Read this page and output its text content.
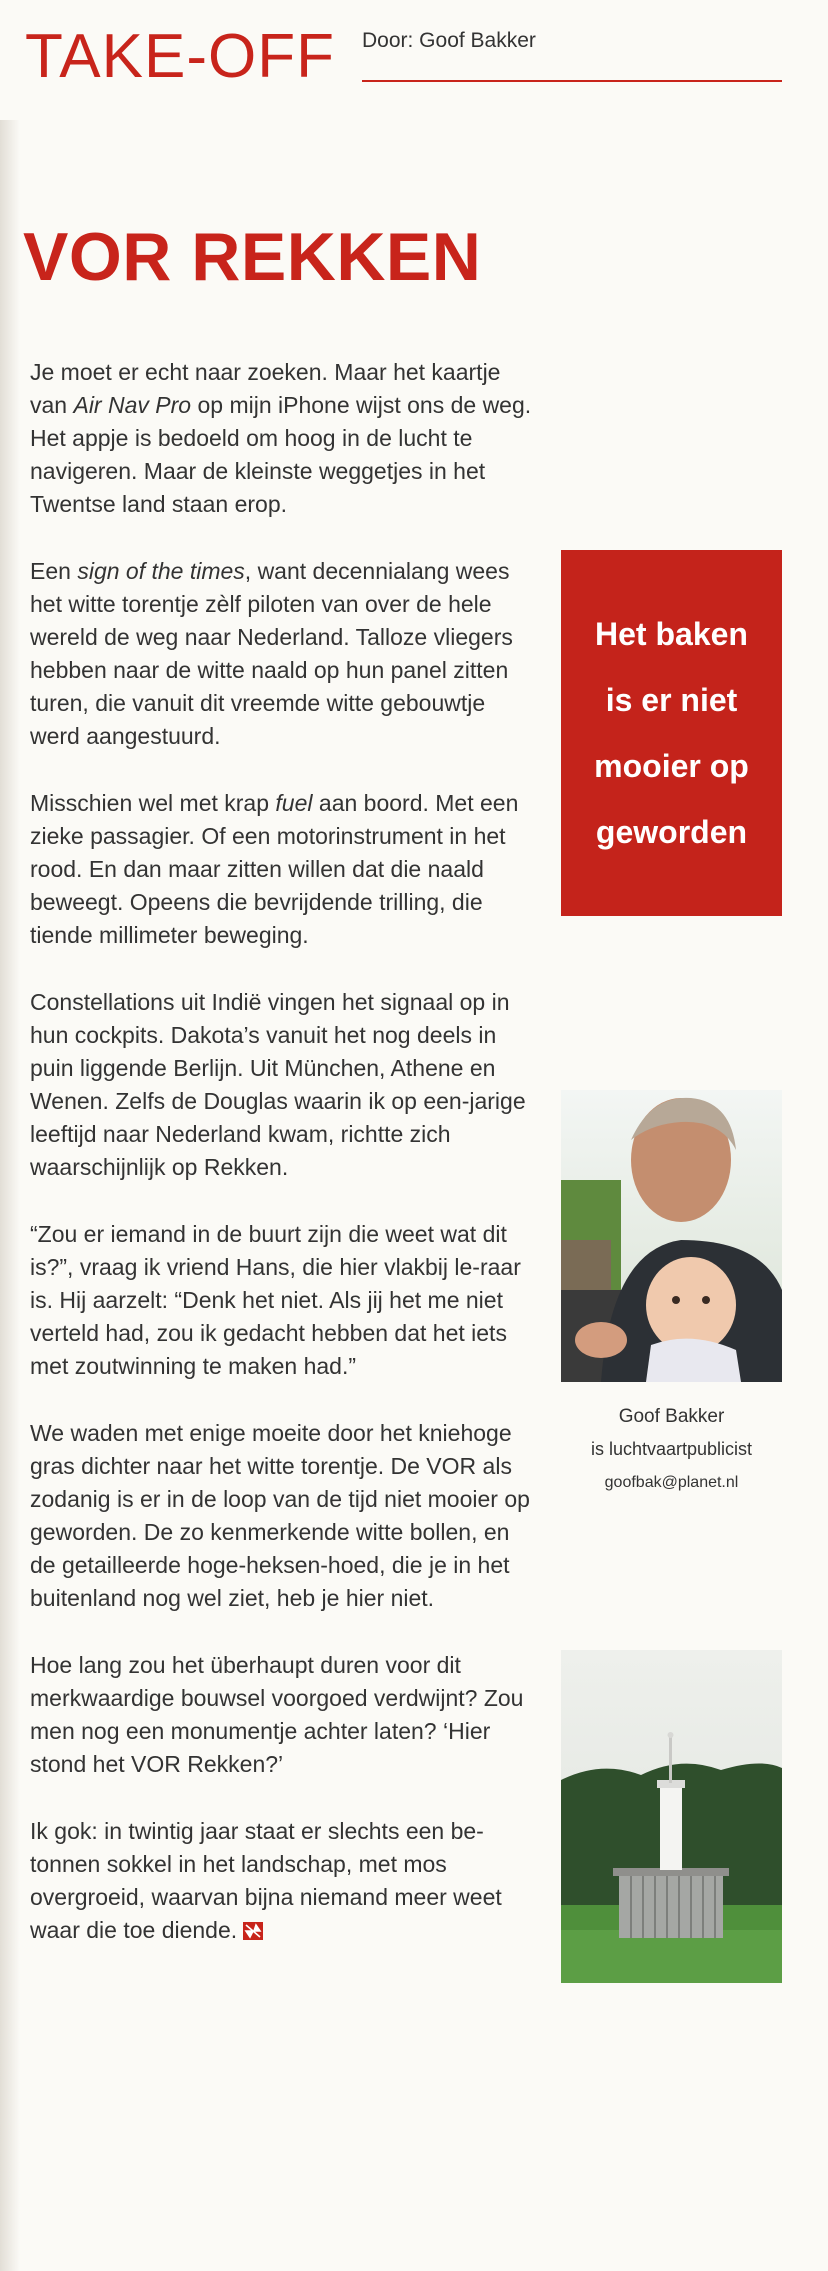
TAKE-OFF Door: Goof Bakker
VOR REKKEN

Je moet er echt naar zoeken. Maar het kaartje van Air Nav Pro op mijn iPhone wijst ons de weg. Het appje is bedoeld om hoog in de lucht te navigeren. Maar de kleinste weggetjes in het Twentse land staan erop.

Een sign of the times, want decennialang wees het witte torentje zèlf piloten van over de hele wereld de weg naar Nederland. Talloze vliegers hebben naar de witte naald op hun panel zitten turen, die vanuit dit vreemde witte gebouwtje werd aangestuurd.

Misschien wel met krap fuel aan boord. Met een zieke passagier. Of een motorinstrument in het rood. En dan maar zitten willen dat die naald beweegt. Opeens die bevrijdende trilling, die tiende millimeter beweging.

Constellations uit Indië vingen het signaal op in hun cockpits. Dakota’s vanuit het nog deels in puin liggende Berlijn. Uit München, Athene en Wenen. Zelfs de Douglas waarin ik op een-jarige leeftijd naar Nederland kwam, richtte zich waarschijnlijk op Rekken.

“Zou er iemand in de buurt zijn die weet wat dit is?”, vraag ik vriend Hans, die hier vlakbij le-raar is. Hij aarzelt: “Denk het niet. Als jij het me niet verteld had, zou ik gedacht hebben dat het iets met zoutwinning te maken had.”

We waden met enige moeite door het kniehoge gras dichter naar het witte torentje. De VOR als zodanig is er in de loop van de tijd niet mooier op geworden. De zo kenmerkende witte bollen, en de getailleerde hoge-heksen-hoed, die je in het buitenland nog wel ziet, heb je hier niet.

Hoe lang zou het überhaupt duren voor dit merkwaardige bouwsel voorgoed verdwijnt? Zou men nog een monumentje achter laten? ‘Hier stond het VOR Rekken?’

Ik gok: in twintig jaar staat er slechts een be-tonnen sokkel in het landschap, met mos overgroeid, waarvan bijna niemand meer weet waar die toe diende.

Het baken
is er niet
mooier op
geworden
Goof Bakker
is luchtvaartpublicist
goofbak@planet.nl
